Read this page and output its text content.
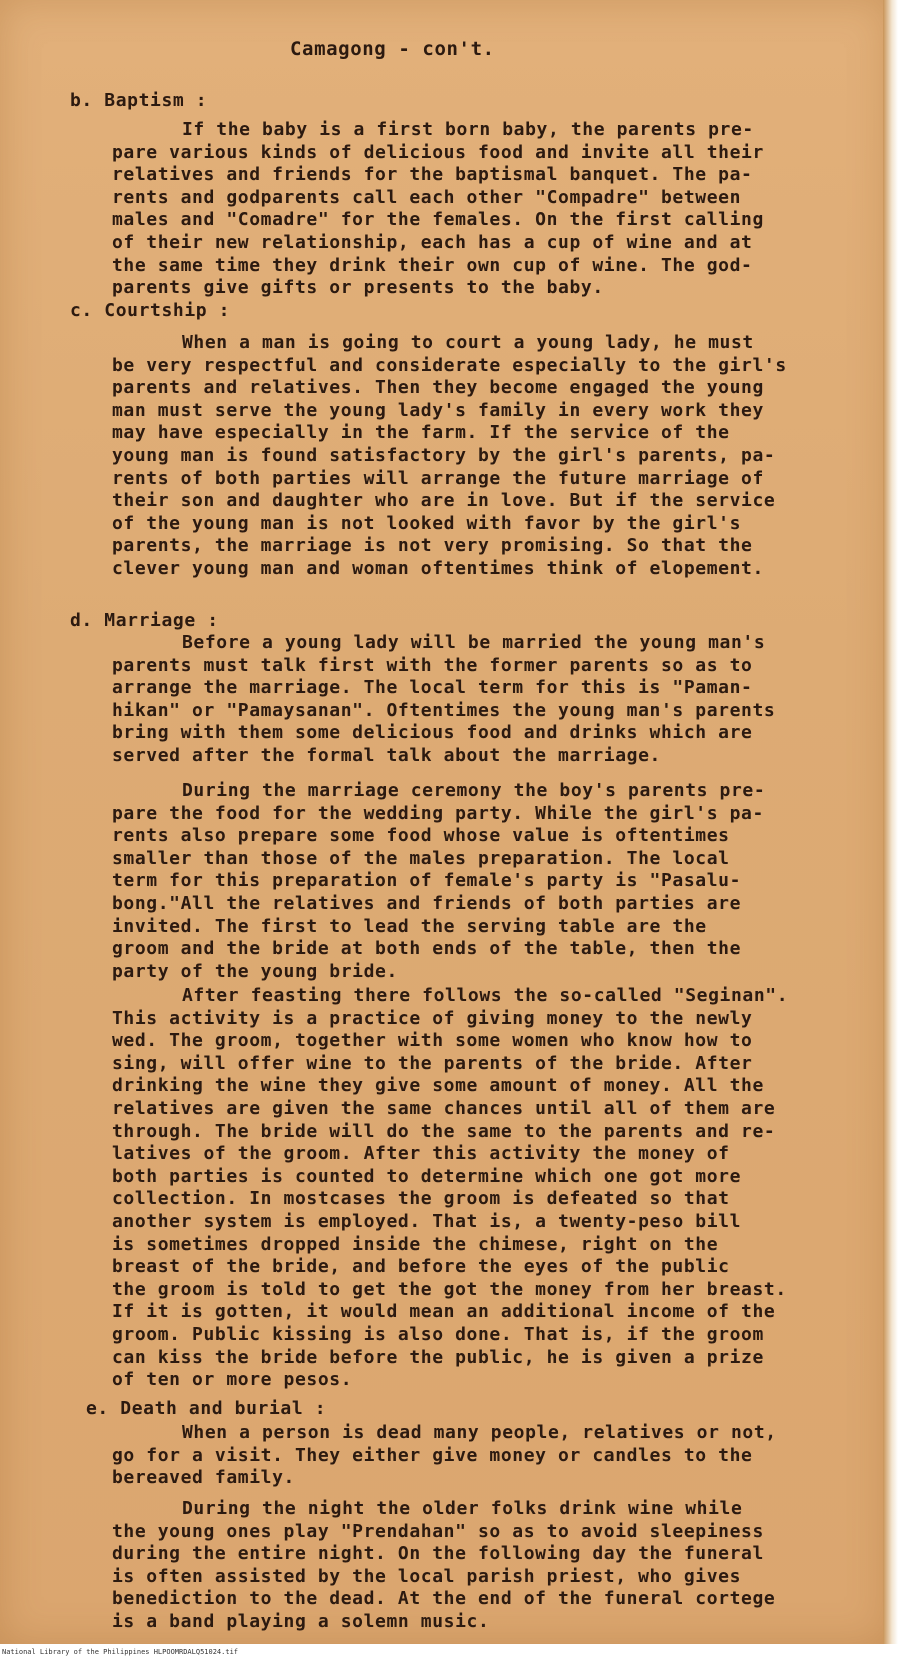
Camagong - con't.
b. Baptism :
If the baby is a first born baby, the parents pre-
pare various kinds of delicious food and invite all their
relatives and friends for the baptismal banquet. The pa-
rents and godparents call each other "Compadre" between
males and "Comadre" for the females. On the first calling
of their new relationship, each has a cup of wine and at
the same time they drink their own cup of wine. The god-
parents give gifts or presents to the baby.
c. Courtship :
When a man is going to court a young lady, he must
be very respectful and considerate especially to the girl's
parents and relatives. Then they become engaged the young
man must serve the young lady's family in every work they
may have especially in the farm. If the service of the
young man is found satisfactory by the girl's parents, pa-
rents of both parties will arrange the future marriage of
their son and daughter who are in love. But if the service
of the young man is not looked with favor by the girl's
parents, the marriage is not very promising. So that the
clever young man and woman oftentimes think of elopement.
d. Marriage :
Before a young lady will be married the young man's
parents must talk first with the former parents so as to
arrange the marriage. The local term for this is "Paman-
hikan" or "Pamaysanan". Oftentimes the young man's parents
bring with them some delicious food and drinks which are
served after the formal talk about the marriage.
During the marriage ceremony the boy's parents pre-
pare the food for the wedding party. While the girl's pa-
rents also prepare some food whose value is oftentimes
smaller than those of the males preparation. The local
term for this preparation of female's party is "Pasalu-
bong."All the relatives and friends of both parties are
invited. The first to lead the serving table are the
groom and the bride at both ends of the table, then the
party of the young bride.
After feasting there follows the so-called "Seginan".
This activity is a practice of giving money to the newly
wed. The groom, together with some women who know how to
sing, will offer wine to the parents of the bride. After
drinking the wine they give some amount of money. All the
relatives are given the same chances until all of them are
through. The bride will do the same to the parents and re-
latives of the groom. After this activity the money of
both parties is counted to determine which one got more
collection. In mostcases the groom is defeated so that
another system is employed. That is, a twenty-peso bill
is sometimes dropped inside the chimese, right on the
breast of the bride, and before the eyes of the public
the groom is told to get the got the money from her breast.
If it is gotten, it would mean an additional income of the
groom. Public kissing is also done. That is, if the groom
can kiss the bride before the public, he is given a prize
of ten or more pesos.
e. Death and burial :
When a person is dead many people, relatives or not,
go for a visit. They either give money or candles to the
bereaved family.
During the night the older folks drink wine while
the young ones play "Prendahan" so as to avoid sleepiness
during the entire night. On the following day the funeral
is often assisted by the local parish priest, who gives
benediction to the dead. At the end of the funeral cortege
is a band playing a solemn music.
National Library of the Philippines HLPOOMRDALQ51024.tif
